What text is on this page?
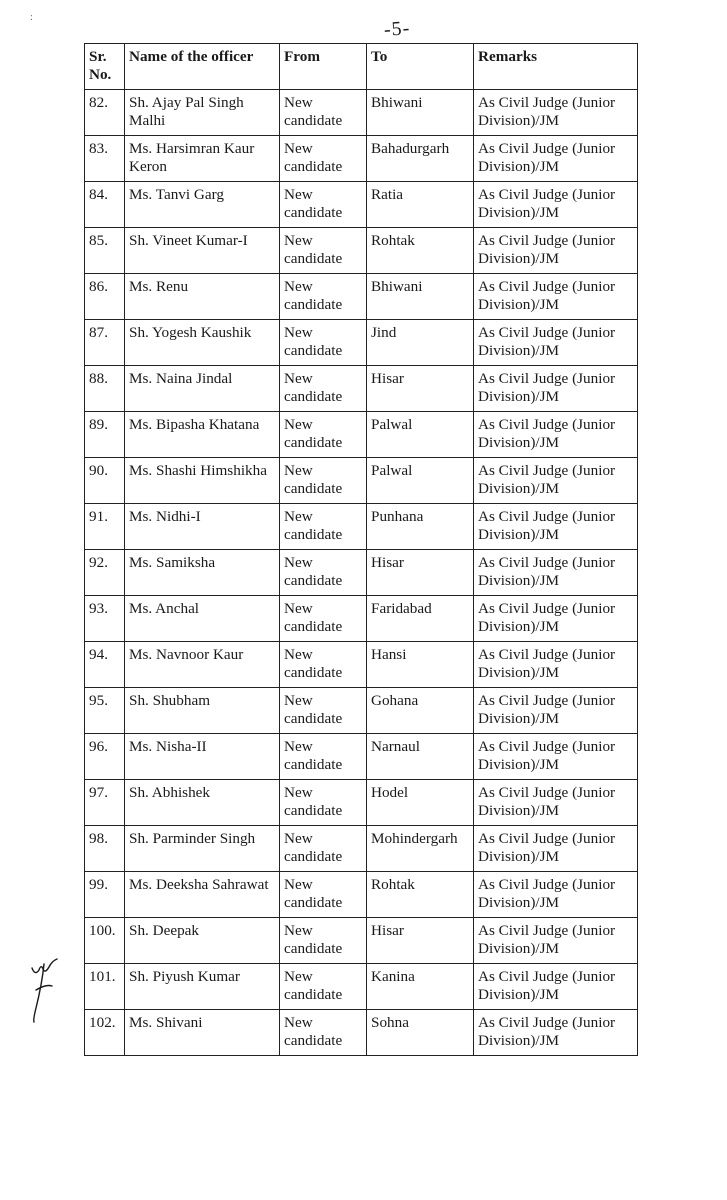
:	-5-
Sr. No.	Name of the officer	From	To	Remarks
82.	Sh. Ajay Pal Singh Malhi	New candidate	Bhiwani	As Civil Judge (Junior Division)/JM
83.	Ms. Harsimran Kaur Keron	New candidate	Bahadurgarh	As Civil Judge (Junior Division)/JM
84.	Ms. Tanvi Garg	New candidate	Ratia	As Civil Judge (Junior Division)/JM
85.	Sh. Vineet Kumar-I	New candidate	Rohtak	As Civil Judge (Junior Division)/JM
86.	Ms. Renu	New candidate	Bhiwani	As Civil Judge (Junior Division)/JM
87.	Sh. Yogesh Kaushik	New candidate	Jind	As Civil Judge (Junior Division)/JM
88.	Ms. Naina Jindal	New candidate	Hisar	As Civil Judge (Junior Division)/JM
89.	Ms. Bipasha Khatana	New candidate	Palwal	As Civil Judge (Junior Division)/JM
90.	Ms. Shashi Himshikha	New candidate	Palwal	As Civil Judge (Junior Division)/JM
91.	Ms. Nidhi-I	New candidate	Punhana	As Civil Judge (Junior Division)/JM
92.	Ms. Samiksha	New candidate	Hisar	As Civil Judge (Junior Division)/JM
93.	Ms. Anchal	New candidate	Faridabad	As Civil Judge (Junior Division)/JM
94.	Ms. Navnoor Kaur	New candidate	Hansi	As Civil Judge (Junior Division)/JM
95.	Sh. Shubham	New candidate	Gohana	As Civil Judge (Junior Division)/JM
96.	Ms. Nisha-II	New candidate	Narnaul	As Civil Judge (Junior Division)/JM
97.	Sh. Abhishek	New candidate	Hodel	As Civil Judge (Junior Division)/JM
98.	Sh. Parminder Singh	New candidate	Mohindergarh	As Civil Judge (Junior Division)/JM
99.	Ms. Deeksha Sahrawat	New candidate	Rohtak	As Civil Judge (Junior Division)/JM
100.	Sh. Deepak	New candidate	Hisar	As Civil Judge (Junior Division)/JM
101.	Sh. Piyush Kumar	New candidate	Kanina	As Civil Judge (Junior Division)/JM
102.	Ms. Shivani	New candidate	Sohna	As Civil Judge (Junior Division)/JM
